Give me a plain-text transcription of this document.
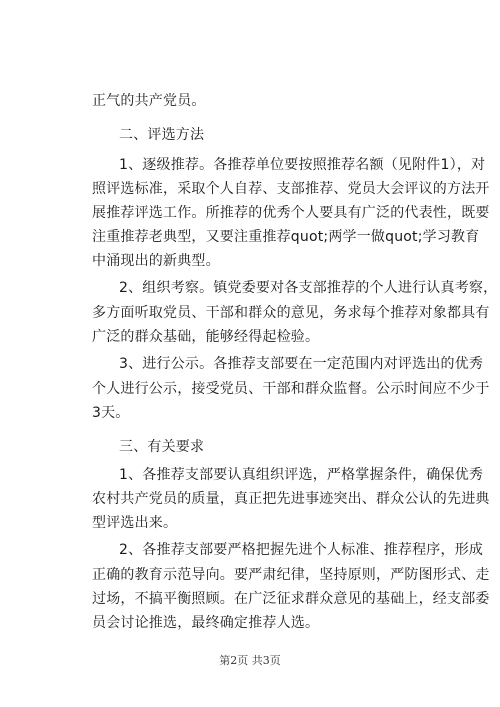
正气的共产党员。
二、评选方法
1、逐级推荐。各推荐单位要按照推荐名额（见附件1），对
照评选标准，采取个人自荐、支部推荐、党员大会评议的方法开
展推荐评选工作。所推荐的优秀个人要具有广泛的代表性，既要
注重推荐老典型，又要注重推荐quot;两学一做quot;学习教育
中涌现出的新典型。
2、组织考察。镇党委要对各支部推荐的个人进行认真考察，
多方面听取党员、干部和群众的意见，务求每个推荐对象都具有
广泛的群众基础，能够经得起检验。
3、进行公示。各推荐支部要在一定范围内对评选出的优秀
个人进行公示，接受党员、干部和群众监督。公示时间应不少于
3天。
三、有关要求
1、各推荐支部要认真组织评选，严格掌握条件，确保优秀
农村共产党员的质量，真正把先进事迹突出、群众公认的先进典
型评选出来。
2、各推荐支部要严格把握先进个人标准、推荐程序，形成
正确的教育示范导向。要严肃纪律，坚持原则，严防图形式、走
过场，不搞平衡照顾。在广泛征求群众意见的基础上，经支部委
员会讨论推选，最终确定推荐人选。
第2页 共3页
